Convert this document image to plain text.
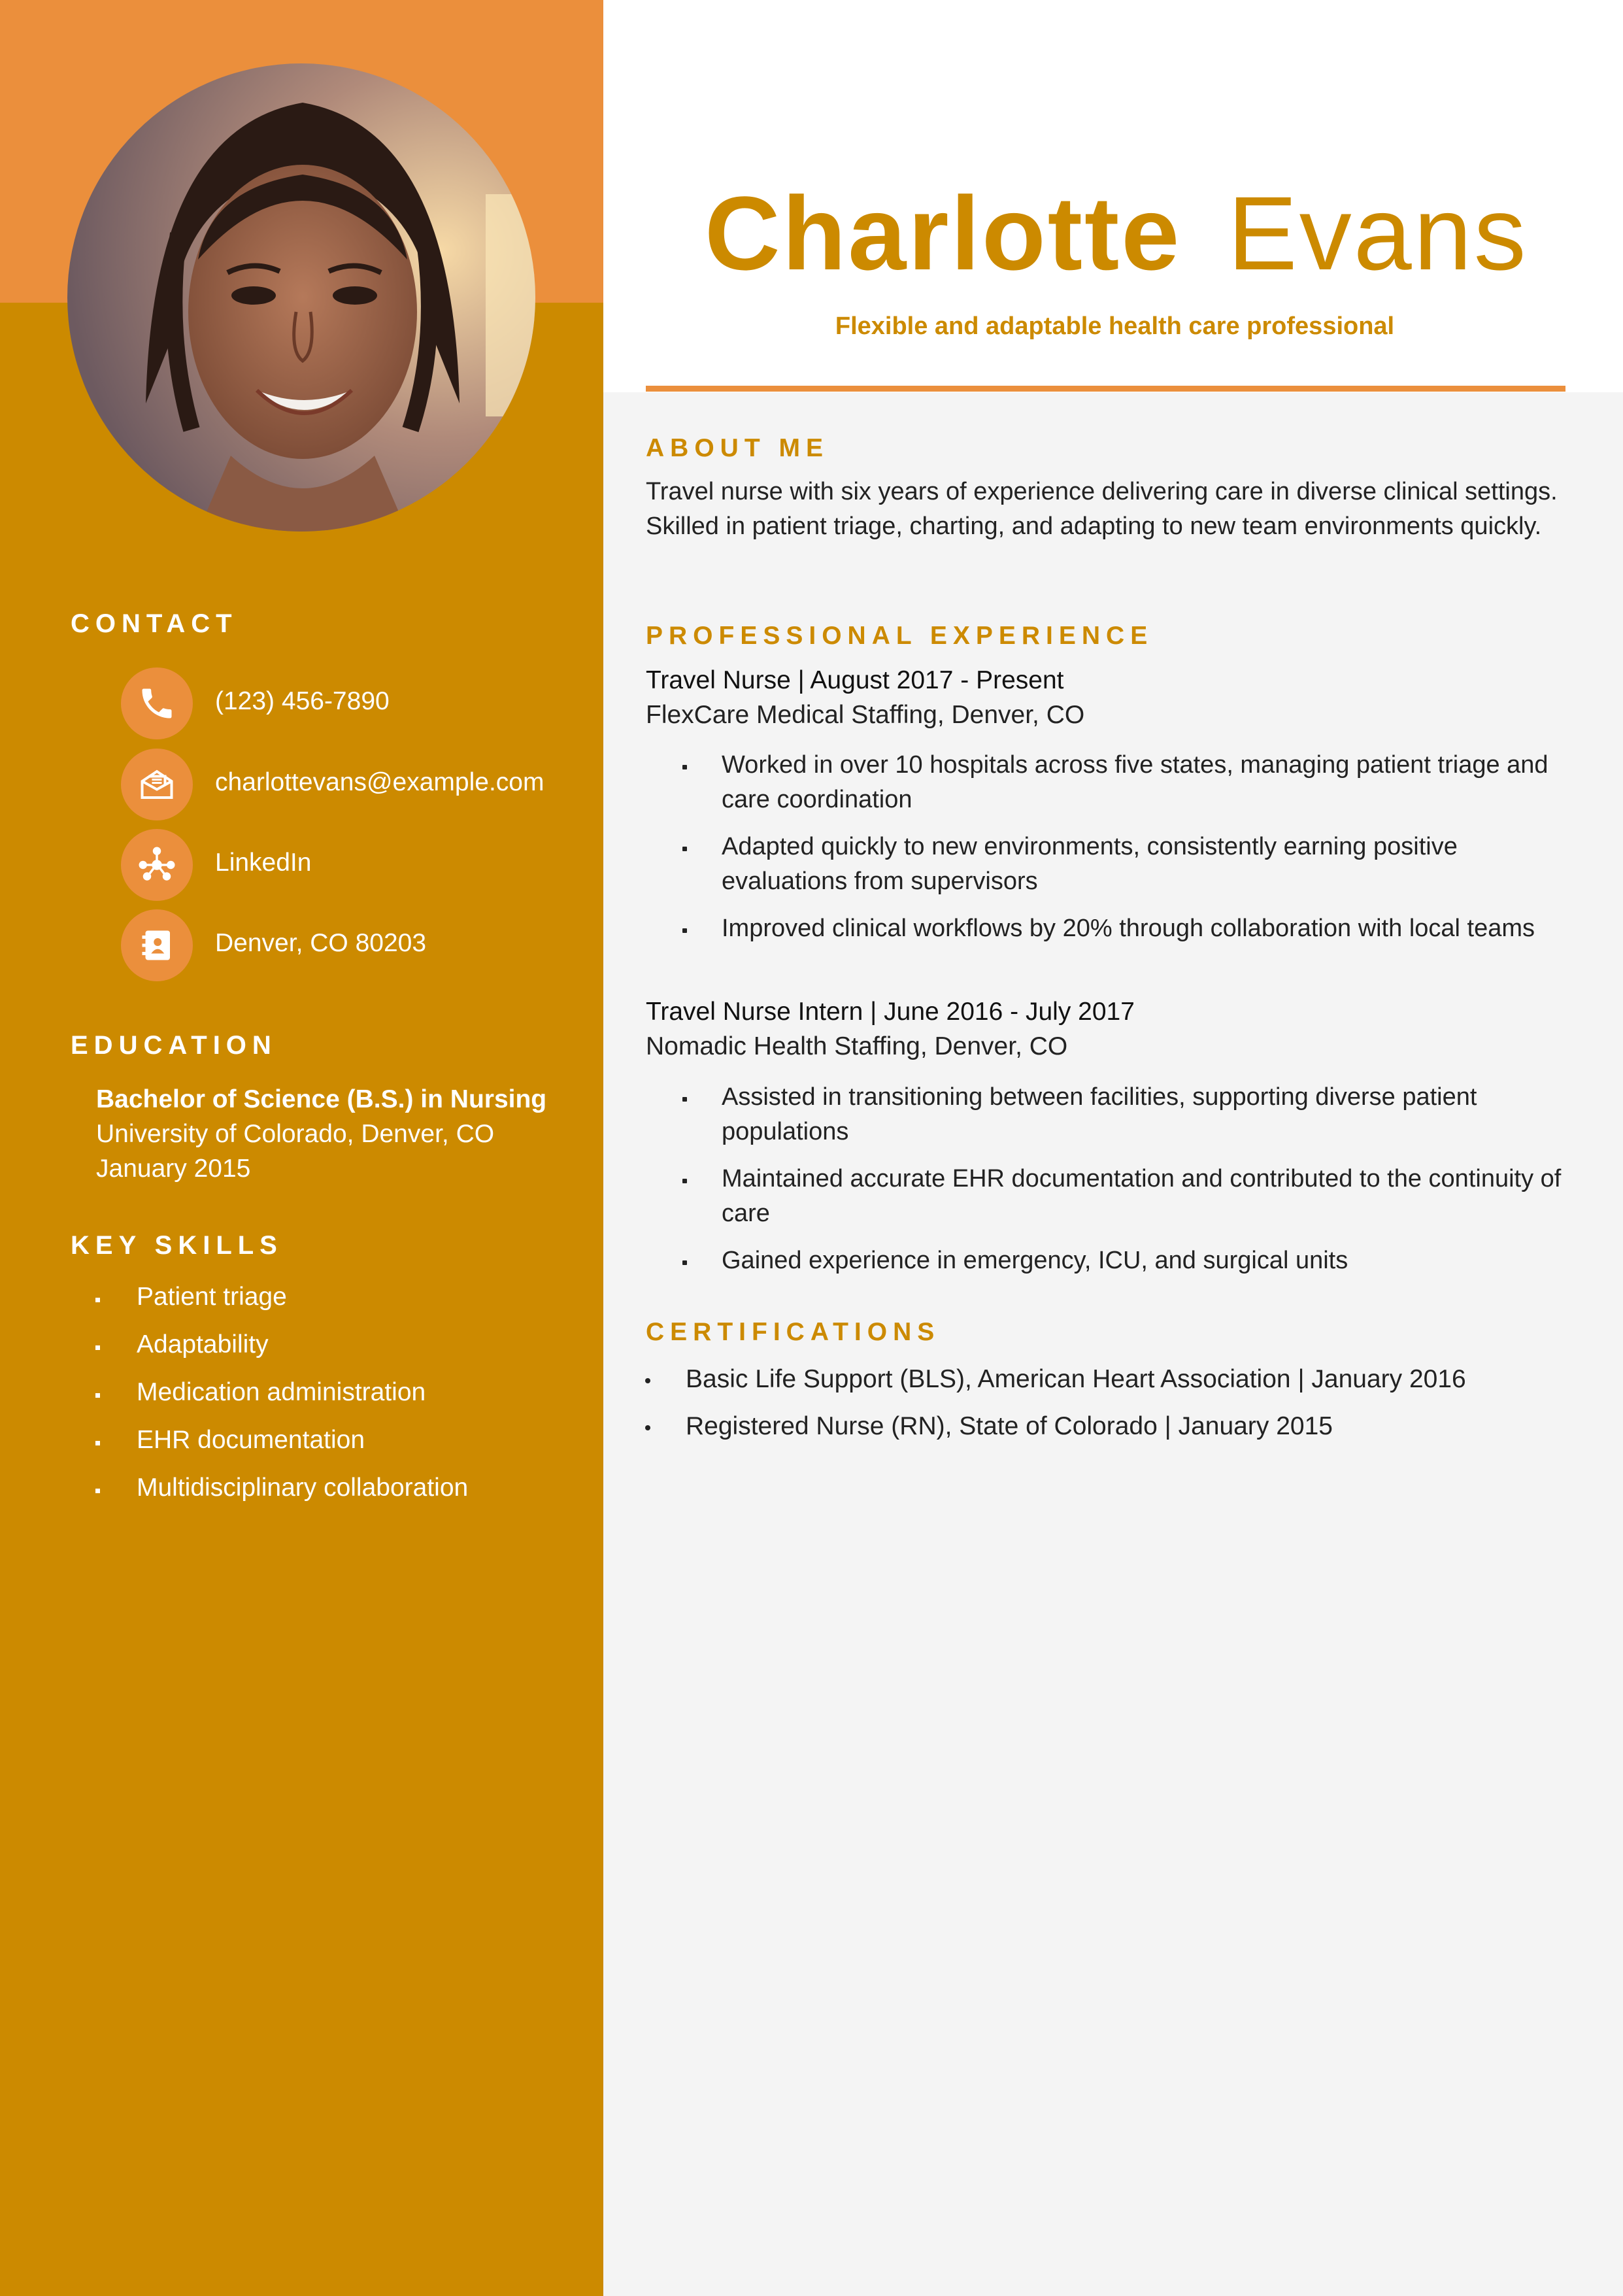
CONTACT
(123) 456-7890
charlottevans@example.com
LinkedIn
Denver, CO 80203
EDUCATION
Bachelor of Science (B.S.) in Nursing
University of Colorado, Denver, CO
January 2015
KEY SKILLS
Patient triage
Adaptability
Medication administration
EHR documentation
Multidisciplinary collaboration
Charlotte Evans
Flexible and adaptable health care professional
ABOUT ME
Travel nurse with six years of experience delivering care in diverse clinical settings. Skilled in patient triage, charting, and adapting to new team environments quickly.
PROFESSIONAL EXPERIENCE
Travel Nurse | August 2017 - Present
FlexCare Medical Staffing, Denver, CO
Worked in over 10 hospitals across five states, managing patient triage and care coordination
Adapted quickly to new environments, consistently earning positive evaluations from supervisors
Improved clinical workflows by 20% through collaboration with local teams
Travel Nurse Intern | June 2016 - July 2017
Nomadic Health Staffing, Denver, CO
Assisted in transitioning between facilities, supporting diverse patient populations
Maintained accurate EHR documentation and contributed to the continuity of care
Gained experience in emergency, ICU, and surgical units
CERTIFICATIONS
Basic Life Support (BLS), American Heart Association | January 2016
Registered Nurse (RN), State of Colorado | January 2015
